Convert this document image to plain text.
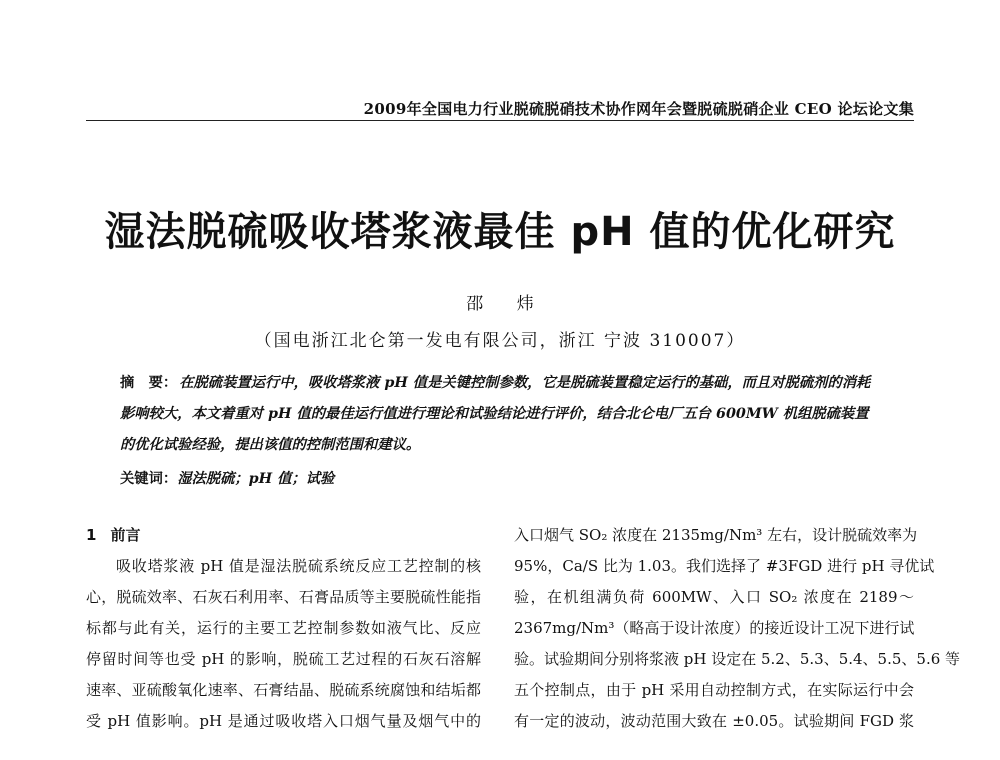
2009年全国电力行业脱硫脱硝技术协作网年会暨脱硫脱硝企业 CEO 论坛论文集
湿法脱硫吸收塔浆液最佳 pH 值的优化研究
邵 炜
（国电浙江北仑第一发电有限公司，浙江 宁波 310007）
摘　要： 在脱硫装置运行中，吸收塔浆液 pH 值是关键控制参数，它是脱硫装置稳定运行的基础，而且对脱硫剂的消耗
影响较大，本文着重对 pH 值的最佳运行值进行理论和试验结论进行评价，结合北仑电厂五台 600MW 机组脱硫装置
的优化试验经验，提出该值的控制范围和建议。
关键词：湿法脱硫；pH 值；试验
1 前言
吸收塔浆液 pH 值是湿法脱硫系统反应工艺控制的核
心，脱硫效率、石灰石利用率、石膏品质等主要脱硫性能指
标都与此有关，运行的主要工艺控制参数如液气比、反应
停留时间等也受 pH 的影响，脱硫工艺过程的石灰石溶解
速率、亚硫酸氧化速率、石膏结晶、脱硫系统腐蚀和结垢都
受 pH 值影响。pH 是通过吸收塔入口烟气量及烟气中的
入口烟气 SO₂ 浓度在 2135mg/Nm³ 左右，设计脱硫效率为
95%，Ca/S 比为 1.03。我们选择了 #3FGD 进行 pH 寻优试
验，在机组满负荷 600MW、入口 SO₂ 浓度在 2189～
2367mg/Nm³（略高于设计浓度）的接近设计工况下进行试
验。试验期间分别将浆液 pH 设定在 5.2、5.3、5.4、5.5、5.6 等
五个控制点，由于 pH 采用自动控制方式，在实际运行中会
有一定的波动，波动范围大致在 ±0.05。试验期间 FGD 浆
